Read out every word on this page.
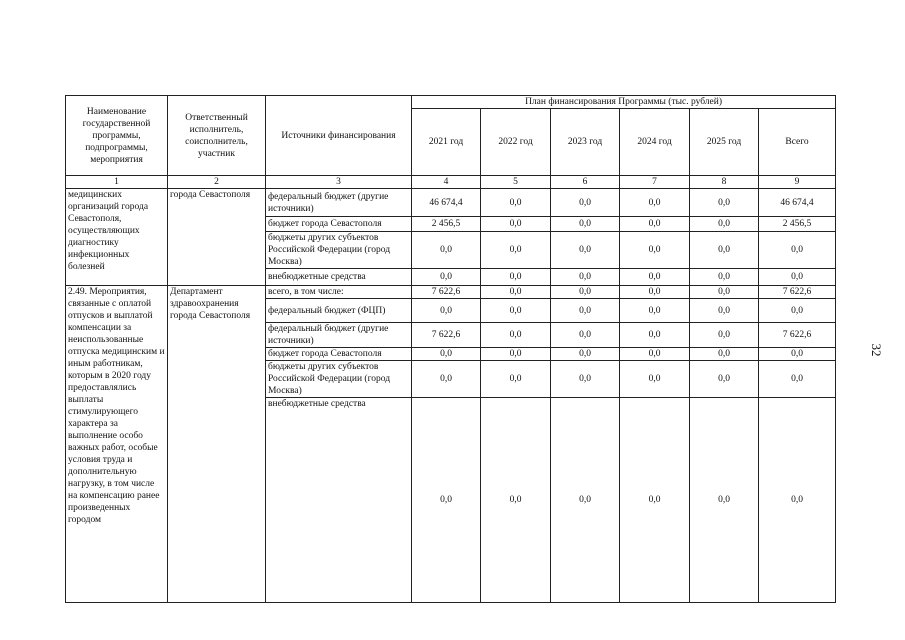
32
Наименование государственной программы, подпрограммы, мероприятия	Ответственный исполнитель, соисполнитель, участник	Источники финансирования	План финансирования Программы (тыс. рублей)					
			2021 год	2022 год	2023 год	2024 год	2025 год	Всего
1	2	3	4	5	6	7	8	9
медицинских организаций города Севастополя, осуществляющих диагностику инфекционных болезней	города Севастополя	федеральный бюджет (другие источники)	46 674,4	0,0	0,0	0,0	0,0	46 674,4
		бюджет города Севастополя	2 456,5	0,0	0,0	0,0	0,0	2 456,5
		бюджеты других субъектов Российской Федерации (город Москва)	0,0	0,0	0,0	0,0	0,0	0,0
		внебюджетные средства	0,0	0,0	0,0	0,0	0,0	0,0
2.49. Мероприятия, связанные с оплатой отпусков и выплатой компенсации за неиспользованные отпуска медицинским и иным работникам, которым в 2020 году предоставлялись выплаты стимулирующего характера за выполнение особо важных работ, особые условия труда и дополнительную нагрузку, в том числе на компенсацию ранее произведенных городом	Департамент здравоохранения города Севастополя	всего, в том числе:	7 622,6	0,0	0,0	0,0	0,0	7 622,6
		федеральный бюджет (ФЦП)	0,0	0,0	0,0	0,0	0,0	0,0
		федеральный бюджет (другие источники)	7 622,6	0,0	0,0	0,0	0,0	7 622,6
		бюджет города Севастополя	0,0	0,0	0,0	0,0	0,0	0,0
		бюджеты других субъектов Российской Федерации (город Москва)	0,0	0,0	0,0	0,0	0,0	0,0
		внебюджетные средства	0,0	0,0	0,0	0,0	0,0	0,0
